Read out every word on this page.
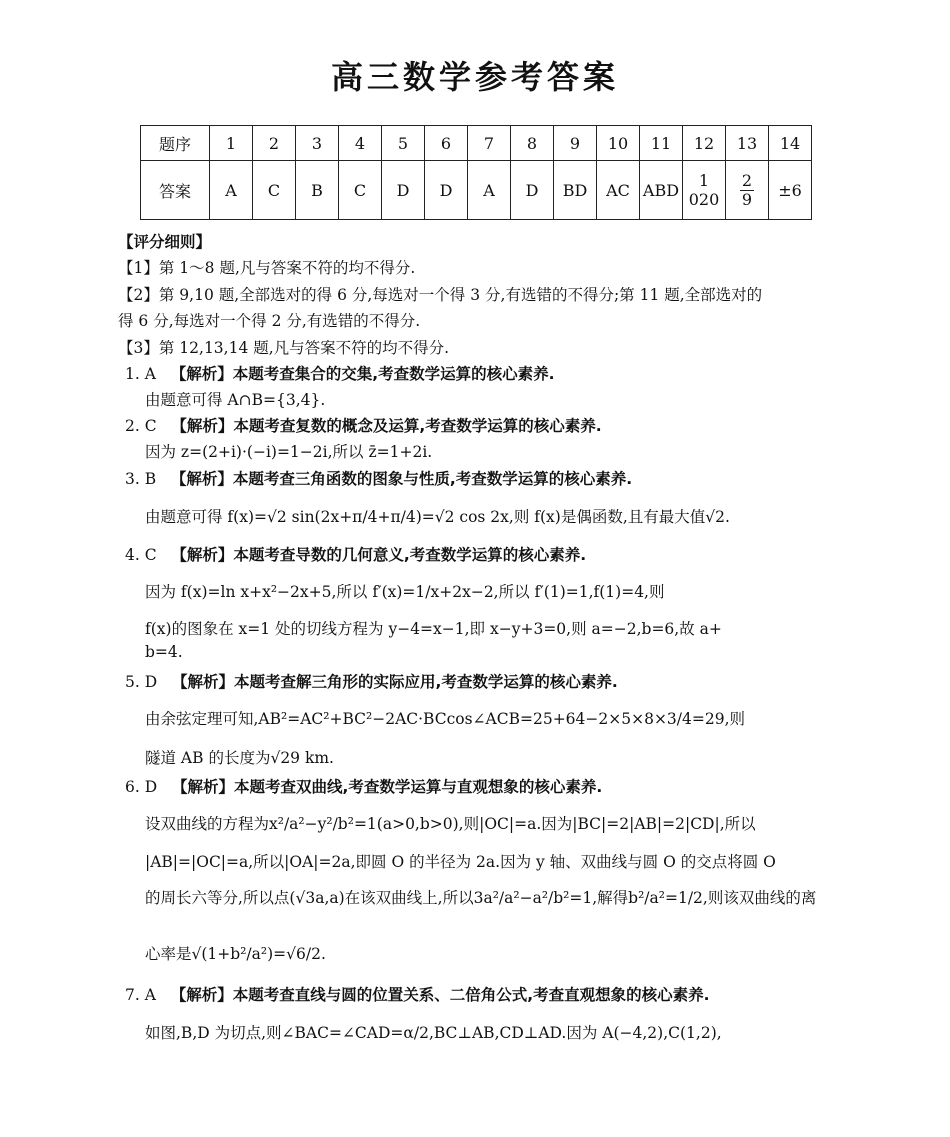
高三数学参考答案
题序	1	2	3	4	5	6	7	8	9	10	11	12	13	14
答案	A	C	B	C	D	D	A	D	BD	AC	ABD	1 020	$\frac{2}{9}$	±6
【评分细则】
【1】第 1～8 题,凡与答案不符的均不得分.
【2】第 9,10 题,全部选对的得 6 分,每选对一个得 3 分,有选错的不得分;第 11 题,全部选对的
得 6 分,每选对一个得 2 分,有选错的不得分.
【3】第 12,13,14 题,凡与答案不符的均不得分.
1. A 【解析】本题考查集合的交集,考查数学运算的核心素养.
由题意可得 A∩B={3,4}.
2. C 【解析】本题考查复数的概念及运算,考查数学运算的核心素养.
因为 z=(2+i)·(−i)=1−2i,所以 z̄=1+2i.
3. B 【解析】本题考查三角函数的图象与性质,考查数学运算的核心素养.
由题意可得 f(x)=√2 sin(2x+π/4+π/4)=√2 cos 2x,则 f(x)是偶函数,且有最大值√2.
4. C 【解析】本题考查导数的几何意义,考查数学运算的核心素养.
因为 f(x)=ln x+x²−2x+5,所以 f′(x)=1/x+2x−2,所以 f′(1)=1,f(1)=4,则
f(x)的图象在 x=1 处的切线方程为 y−4=x−1,即 x−y+3=0,则 a=−2,b=6,故 a+
b=4.
5. D 【解析】本题考查解三角形的实际应用,考查数学运算的核心素养.
由余弦定理可知,AB²=AC²+BC²−2AC·BCcos∠ACB=25+64−2×5×8×3/4=29,则
隧道 AB 的长度为√29 km.
6. D 【解析】本题考查双曲线,考查数学运算与直观想象的核心素养.
设双曲线的方程为x²/a²−y²/b²=1(a>0,b>0),则|OC|=a.因为|BC|=2|AB|=2|CD|,所以
|AB|=|OC|=a,所以|OA|=2a,即圆 O 的半径为 2a.因为 y 轴、双曲线与圆 O 的交点将圆 O
的周长六等分,所以点(√3a,a)在该双曲线上,所以3a²/a²−a²/b²=1,解得b²/a²=1/2,则该双曲线的离
心率是√(1+b²/a²)=√6/2.
7. A 【解析】本题考查直线与圆的位置关系、二倍角公式,考查直观想象的核心素养.
如图,B,D 为切点,则∠BAC=∠CAD=α/2,BC⊥AB,CD⊥AD.因为 A(−4,2),C(1,2),
